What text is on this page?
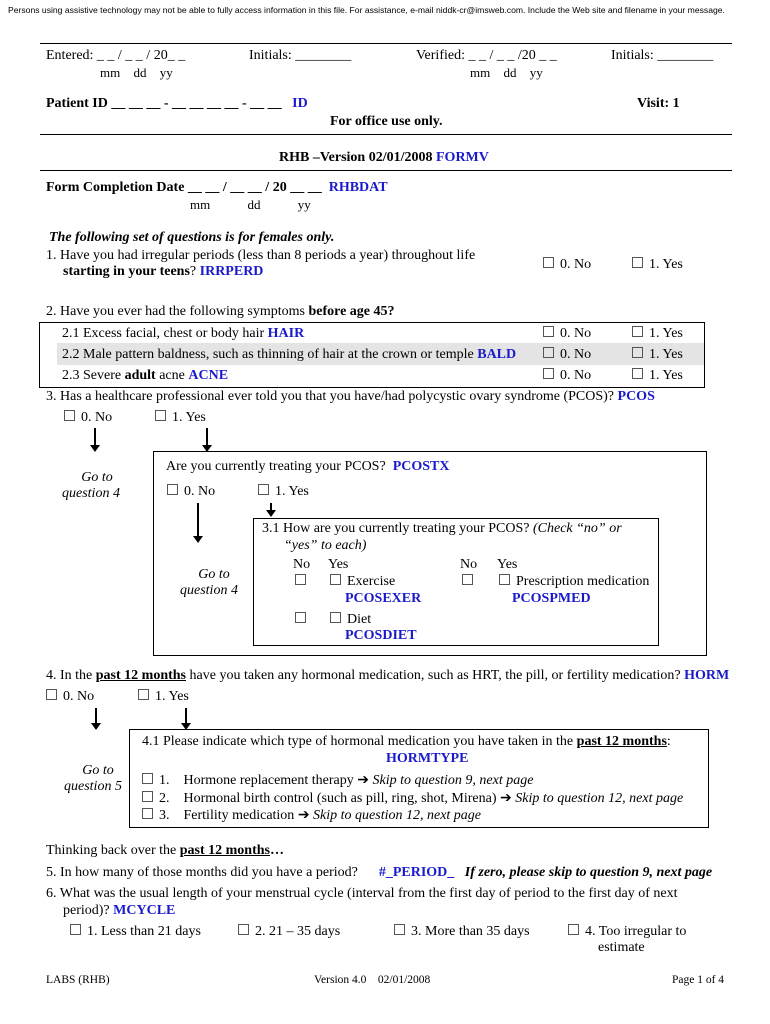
Persons using assistive technology may not be able to fully access information in this file. For assistance, e-mail niddk-cr@imsweb.com. Include the Web site and filename in your message.
Entered: _ _ / _ _ / 20_ _
mm dd yy
Initials: ________	Verified: _ _ / _ _ /20 _ _
mm dd yy
Initials: ________
Patient ID __ __ __ - __ __ __ __ - __ __ ID	Visit: 1
For office use only.
RHB –Version 02/01/2008 FORMV
Form Completion Date __ __ / __ __ / 20 __ __ RHBDAT
mm dd yy
The following set of questions is for females only.
1. Have you had irregular periods (less than 8 periods a year) throughout life
starting in your teens? IRRPERD	0. No	1. Yes
2. Have you ever had the following symptoms before age 45?
2.1 Excess facial, chest or body hair HAIR	0. No	1. Yes
2.2 Male pattern baldness, such as thinning of hair at the crown or temple BALD	0. No	1. Yes
2.3 Severe adult acne ACNE	0. No	1. Yes
3. Has a healthcare professional ever told you that you have/had polycystic ovary syndrome (PCOS)? PCOS
0. No	1. Yes
Go to
question 4
Are you currently treating your PCOS? PCOSTX
0. No	1. Yes
Go to
question 4
3.1 How are you currently treating your PCOS? (Check “no” or
“yes” to each)
No Yes	No Yes
Exercise
PCOSEXER
Prescription medication
PCOSPMED
Diet
PCOSDIET
4. In the past 12 months have you taken any hormonal medication, such as HRT, the pill, or fertility medication? HORM
0. No	1. Yes
Go to
question 5
4.1 Please indicate which type of hormonal medication you have taken in the past 12 months:
HORMTYPE
1. Hormone replacement therapy ➔ Skip to question 9, next page
2. Hormonal birth control (such as pill, ring, shot, Mirena) ➔ Skip to question 12, next page
3. Fertility medication ➔ Skip to question 12, next page
Thinking back over the past 12 months…
5. In how many of those months did you have a period? #_PERIOD_ If zero, please skip to question 9, next page
6. What was the usual length of your menstrual cycle (interval from the first day of period to the first day of next
period)? MCYCLE
1. Less than 21 days	2. 21 – 35 days	3. More than 35 days	4. Too irregular to
estimate
LABS (RHB)	Version 4.0    02/01/2008	Page 1 of 4
